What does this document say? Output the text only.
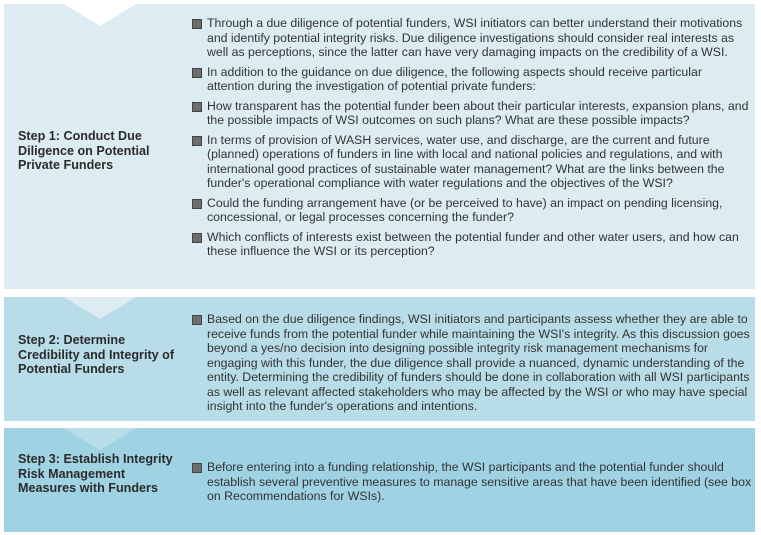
Step 1: Conduct Due Diligence on Potential Private Funders
Through a due diligence of potential funders, WSI initiators can better understand their motivations and identify potential integrity risks. Due diligence investigations should consider real interests as well as perceptions, since the latter can have very damaging impacts on the credibility of a WSI.
In addition to the guidance on due diligence, the following aspects should receive particular attention during the investigation of potential private funders:
How transparent has the potential funder been about their particular interests, expansion plans, and the possible impacts of WSI outcomes on such plans? What are these possible impacts?
In terms of provision of WASH services, water use, and discharge, are the current and future (planned) operations of funders in line with local and national policies and regulations, and with international good practices of sustainable water management? What are the links between the funder's operational compliance with water regulations and the objectives of the WSI?
Could the funding arrangement have (or be perceived to have) an impact on pending licensing, concessional, or legal processes concerning the funder?
Which conflicts of interests exist between the potential funder and other water users, and how can these influence the WSI or its perception?
Step 2: Determine Credibility and Integrity of Potential Funders
Based on the due diligence findings, WSI initiators and participants assess whether they are able to receive funds from the potential funder while maintaining the WSI's integrity. As this discussion goes beyond a yes/no decision into designing possible integrity risk management mechanisms for engaging with this funder, the due diligence shall provide a nuanced, dynamic understanding of the entity. Determining the credibility of funders should be done in collaboration with all WSI participants as well as relevant affected stakeholders who may be affected by the WSI or who may have special insight into the funder's operations and intentions.
Step 3: Establish Integrity Risk Management Measures with Funders
Before entering into a funding relationship, the WSI participants and the potential funder should establish several preventive measures to manage sensitive areas that have been identified (see box on Recommendations for WSIs).
